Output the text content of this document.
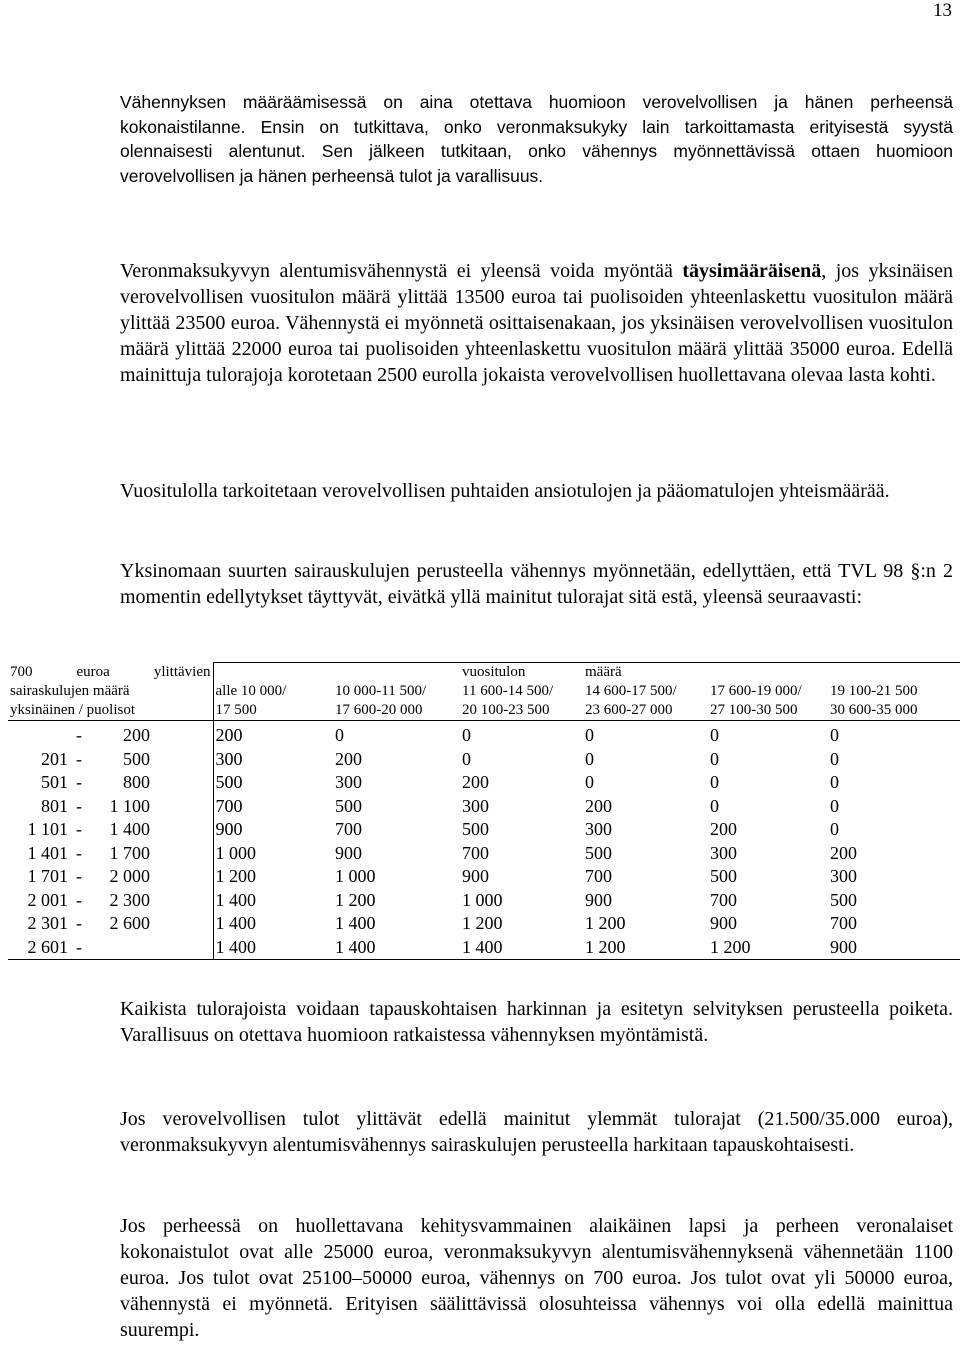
13

Vähennyksen määräämisessä on aina otettava huomioon verovelvollisen ja hänen perheensä kokonaistilanne. Ensin on tutkittava, onko veronmaksukyky lain tarkoittamasta erityisestä syystä olennaisesti alentunut. Sen jälkeen tutkitaan, onko vähennys myönnettävissä ottaen huomioon verovelvollisen ja hänen perheensä tulot ja varallisuus.

Veronmaksukyvyn alentumisvähennystä ei yleensä voida myöntää täysimääräisenä, jos yksinäisen verovelvollisen vuositulon määrä ylittää 13500 euroa tai puolisoiden yhteenlaskettu vuositulon määrä ylittää 23500 euroa. Vähennystä ei myönnetä osittaisenakaan, jos yksinäisen verovelvollisen vuositulon määrä ylittää 22000 euroa tai puolisoiden yhteenlaskettu vuositulon määrä ylittää 35000 euroa. Edellä mainittuja tulorajoja korotetaan 2500 eurolla jokaista verovelvollisen huollettavana olevaa lasta kohti.

Vuositulolla tarkoitetaan verovelvollisen puhtaiden ansiotulojen ja pääomatulojen yhteismäärää.

Yksinomaan suurten sairauskulujen perusteella vähennys myönnetään, edellyttäen, että TVL 98 §:n 2 momentin edellytykset täyttyvät, eivätkä yllä mainitut tulorajat sitä estä, yleensä seuraavasti:

700 euroa ylittävien			vuositulon	määrä		
sairaskulujen määrä	alle 10 000/	10 000-11 500/	11 600-14 500/	14 600-17 500/	17 600-19 000/	19 100-21 500
yksinäinen / puolisot	17 500	17 600-20 000	20 100-23 500	23 600-27 000	27 100-30 500	30 600-35 000

- 200	200	0	0	0	0	0

201 - 500	300	200	0	0	0	0

501 - 800	500	300	200	0	0	0

801 - 1 100	700	500	300	200	0	0

1 101 - 1 400	900	700	500	300	200	0

1 401 - 1 700	1 000	900	700	500	300	200

1 701 - 2 000	1 200	1 000	900	700	500	300

2 001 - 2 300	1 400	1 200	1 000	900	700	500

2 301 - 2 600	1 400	1 400	1 200	1 200	900	700

2 601 -	1 400	1 400	1 400	1 200	1 200	900

Kaikista tulorajoista voidaan tapauskohtaisen harkinnan ja esitetyn selvityksen perusteella poiketa. Varallisuus on otettava huomioon ratkaistessa vähennyksen myöntämistä.

Jos verovelvollisen tulot ylittävät edellä mainitut ylemmät tulorajat (21.500/35.000 euroa), veronmaksukyvyn alentumisvähennys sairaskulujen perusteella harkitaan tapauskohtaisesti.

Jos perheessä on huollettavana kehitysvammainen alaikäinen lapsi ja perheen veronalaiset kokonaistulot ovat alle 25000 euroa, veronmaksukyvyn alentumisvähennyksenä vähennetään 1100 euroa. Jos tulot ovat 25100–50000 euroa, vähennys on 700 euroa. Jos tulot ovat yli 50000 euroa, vähennystä ei myönnetä. Erityisen säälittävissä olosuhteissa vähennys voi olla edellä mainittua suurempi.
